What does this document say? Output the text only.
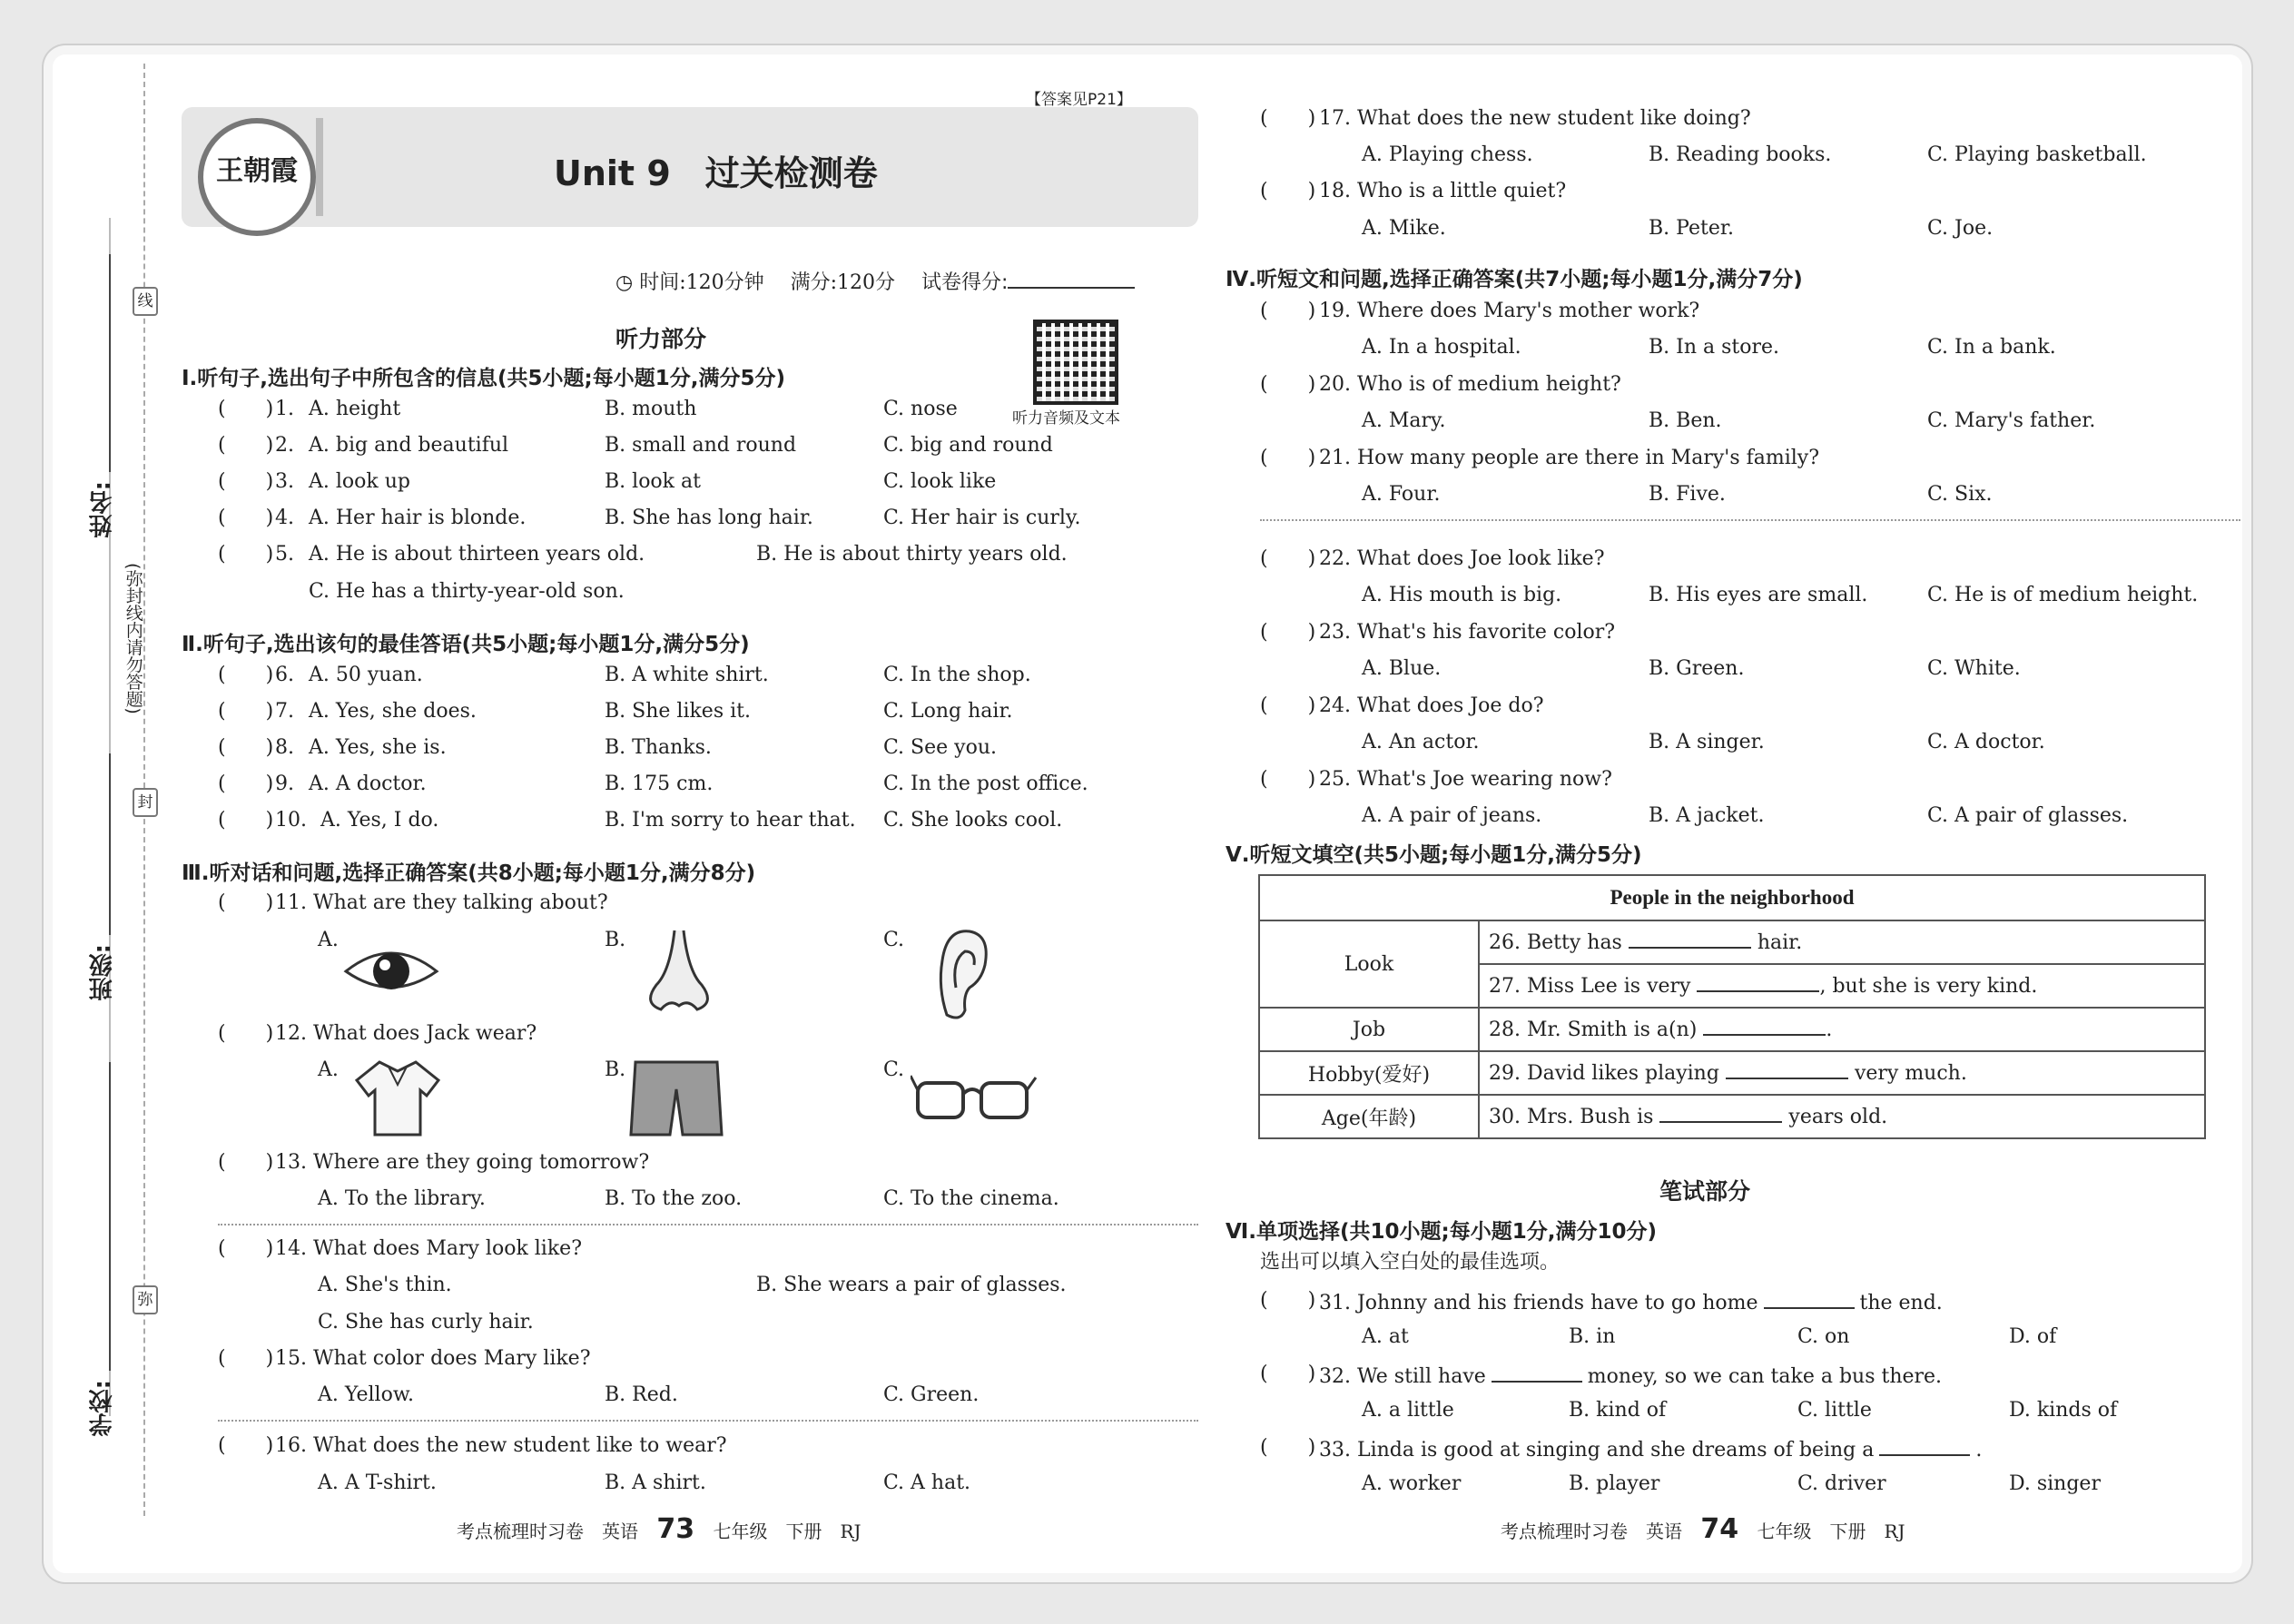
线
封
弥
姓名:
班级:
学校:
(弥封线内请勿答题)
王朝霞	Unit 9　过关检测卷
【答案见P21】
◷ 时间:120分钟　 满分:120分　 试卷得分:
听力音频及文本
听力部分
Ⅰ.听句子,选出句子中所包含的信息(共5小题;每小题1分,满分5分)
Ⅱ.听句子,选出该句的最佳答语(共5小题;每小题1分,满分5分)
Ⅲ.听对话和问题,选择正确答案(共8小题;每小题1分,满分8分)
(　　) 11. What are they talking about?
A.	B.	C.
(　　) 12. What does Jack wear?
A.	B.	C.
(　　) 13. Where are they going tomorrow?
A. To the library.	B. To the zoo.	C. To the cinema.
(　　) 14. What does Mary look like?
A. She's thin.	B. She wears a pair of glasses.
C. She has curly hair.
(　　) 15. What color does Mary like?
A. Yellow.	B. Red.	C. Green.
(　　) 16. What does the new student like to wear?
A. A T-shirt.	B. A shirt.	C. A hat.
考点梳理时习卷　英语 73 七年级　下册　RJ
(　　) 17. What does the new student like doing?
A. Playing chess.	B. Reading books.	C. Playing basketball.
(　　) 18. Who is a little quiet?
A. Mike.	B. Peter.	C. Joe.
Ⅳ.听短文和问题,选择正确答案(共7小题;每小题1分,满分7分)
Ⅴ.听短文填空(共5小题;每小题1分,满分5分)
People in the neighborhood	
Look	26. Betty has hair.
	27. Miss Lee is very , but she is very kind.
Job	28. Mr. Smith is a(n) .
Hobby(爱好)	29. David likes playing very much.
Age(年龄)	30. Mrs. Bush is years old.
笔试部分
Ⅵ.单项选择(共10小题;每小题1分,满分10分)
选出可以填入空白处的最佳选项。
考点梳理时习卷　英语 74 七年级　下册　RJ
(　　) 1. A. height	B. mouth	C. nose
(　　) 2. A. big and beautiful	B. small and round	C. big and round
(　　) 3. A. look up	B. look at	C. look like
(　　) 4. A. Her hair is blonde.	B. She has long hair.	C. Her hair is curly.
(　　) 5. A. He is about thirteen years old.	B. He is about thirty years old.
C. He has a thirty-year-old son.
(　　) 6. A. 50 yuan.	B. A white shirt.	C. In the shop.
(　　) 7. A. Yes, she does.	B. She likes it.	C. Long hair.
(　　) 8. A. Yes, she is.	B. Thanks.	C. See you.
(　　) 9. A. A doctor.	B. 175 cm.	C. In the post office.
(　　) 10. A. Yes, I do.	B. I'm sorry to hear that. C. She looks cool.
(　　) 19. Where does Mary's mother work?
A. In a hospital.	B. In a store.	C. In a bank.
(　　) 20. Who is of medium height?
A. Mary.	B. Ben.	C. Mary's father.
(　　) 21. How many people are there in Mary's family?
A. Four.	B. Five.	C. Six.
(　　) 22. What does Joe look like?
A. His mouth is big.	B. His eyes are small.	C. He is of medium height.
(　　) 23. What's his favorite color?
A. Blue.	B. Green.	C. White.
(　　) 24. What does Joe do?
A. An actor.	B. A singer.	C. A doctor.
(　　) 25. What's Joe wearing now?
A. A pair of jeans.	B. A jacket.	C. A pair of glasses.
(　　) 31. Johnny and his friends have to go home	the end.
A. at	B. in	C. on	D. of
(　　) 32. We still have	money, so we can take a bus there.
A. a little	B. kind of	C. little	D. kinds of
(　　) 33. Linda is good at singing and she dreams of being a	.
A. worker	B. player	C. driver	D. singer
